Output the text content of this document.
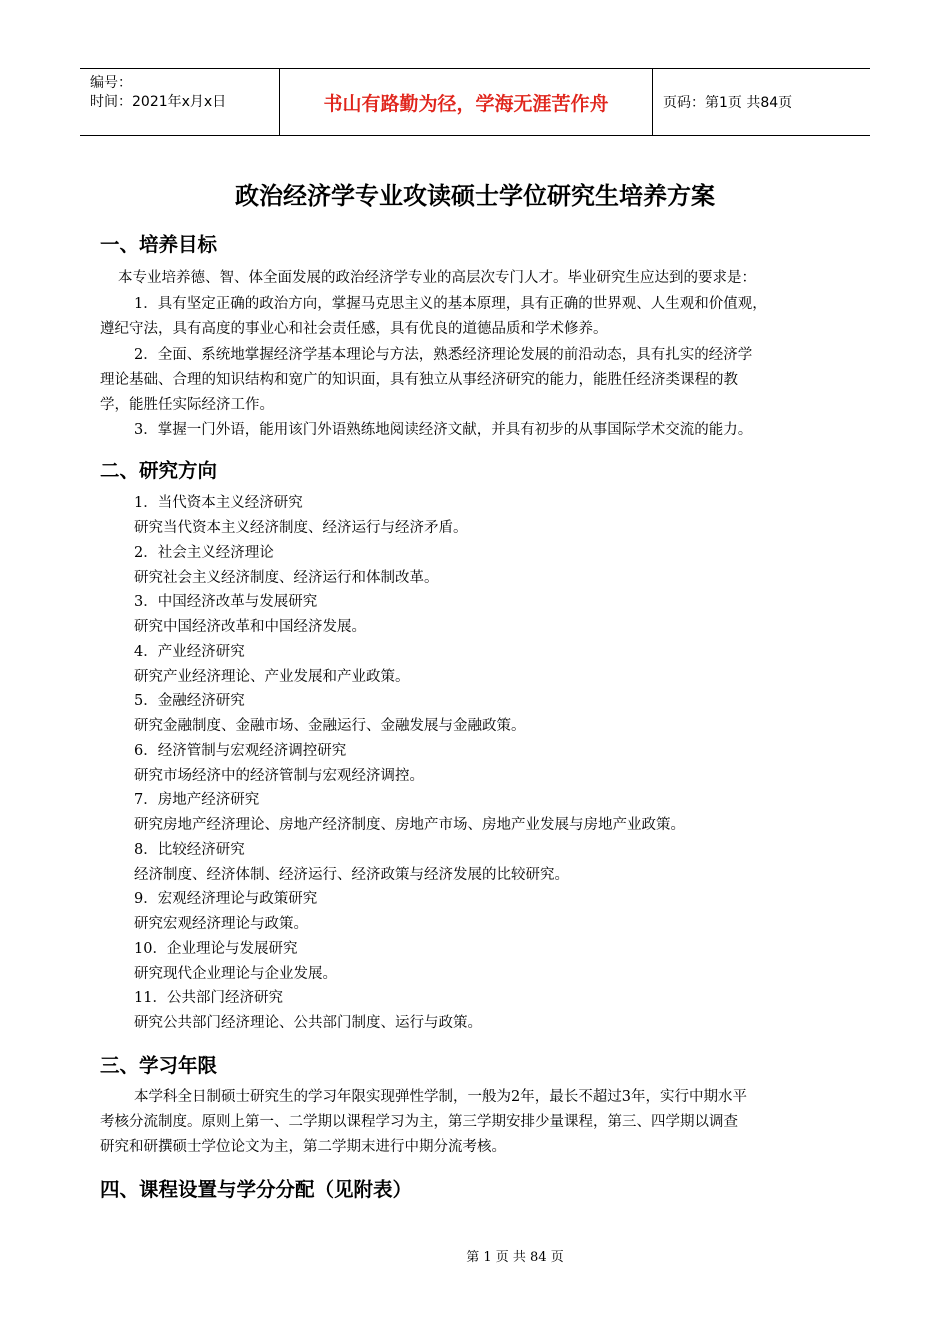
编号：
时间：2021年x月x日	书山有路勤为径，学海无涯苦作舟	页码：第1页 共84页
政治经济学专业攻读硕士学位研究生培养方案
一、培养目标
本专业培养德、智、体全面发展的政治经济学专业的高层次专门人才。毕业研究生应达到的要求是：
1．具有坚定正确的政治方向，掌握马克思主义的基本原理，具有正确的世界观、人生观和价值观，
遵纪守法，具有高度的事业心和社会责任感，具有优良的道德品质和学术修养。
2．全面、系统地掌握经济学基本理论与方法，熟悉经济理论发展的前沿动态，具有扎实的经济学
理论基础、合理的知识结构和宽广的知识面，具有独立从事经济研究的能力，能胜任经济类课程的教
学，能胜任实际经济工作。
3．掌握一门外语，能用该门外语熟练地阅读经济文献，并具有初步的从事国际学术交流的能力。
二、研究方向
1．当代资本主义经济研究
研究当代资本主义经济制度、经济运行与经济矛盾。
2．社会主义经济理论
研究社会主义经济制度、经济运行和体制改革。
3．中国经济改革与发展研究
研究中国经济改革和中国经济发展。
4．产业经济研究
研究产业经济理论、产业发展和产业政策。
5．金融经济研究
研究金融制度、金融市场、金融运行、金融发展与金融政策。
6．经济管制与宏观经济调控研究
研究市场经济中的经济管制与宏观经济调控。
7．房地产经济研究
研究房地产经济理论、房地产经济制度、房地产市场、房地产业发展与房地产业政策。
8．比较经济研究
经济制度、经济体制、经济运行、经济政策与经济发展的比较研究。
9．宏观经济理论与政策研究
研究宏观经济理论与政策。
10．企业理论与发展研究
研究现代企业理论与企业发展。
11．公共部门经济研究
研究公共部门经济理论、公共部门制度、运行与政策。
三、学习年限
本学科全日制硕士研究生的学习年限实现弹性学制，一般为2年，最长不超过3年，实行中期水平
考核分流制度。原则上第一、二学期以课程学习为主，第三学期安排少量课程，第三、四学期以调查
研究和研撰硕士学位论文为主，第二学期末进行中期分流考核。
四、课程设置与学分分配（见附表）
第 1 页 共 84 页
